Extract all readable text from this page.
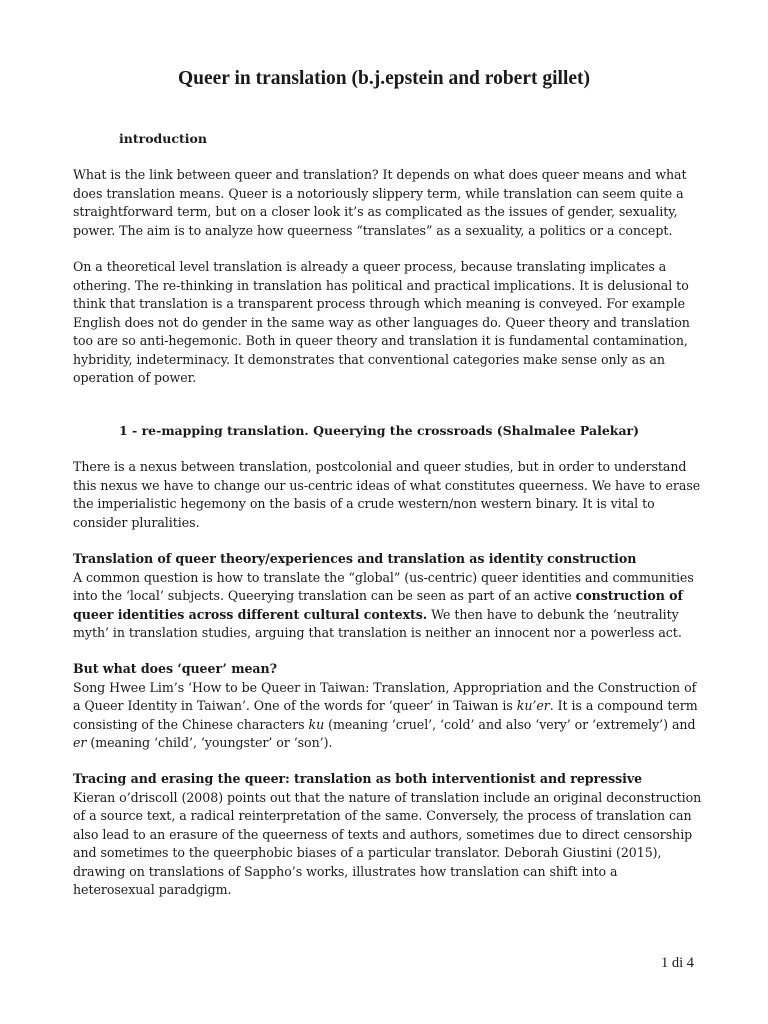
Queer in translation (b.j.epstein and robert gillet)
introduction

What is the link between queer and translation? It depends on what does queer means and what does translation means. Queer is a notoriously slippery term, while translation can seem quite a straightforward term, but on a closer look it’s as complicated as the issues of gender, sexuality, power. The aim is to analyze how queerness “translates” as a sexuality, a politics or a concept.

On a theoretical level translation is already a queer process, because translating implicates a othering. The re-thinking in translation has political and practical implications. It is delusional to think that translation is a transparent process through which meaning is conveyed. For example English does not do gender in the same way as other languages do. Queer theory and translation too are so anti-hegemonic. Both in queer theory and translation it is fundamental contamination, hybridity, indeterminacy. It demonstrates that conventional categories make sense only as an operation of power.

1 - re-mapping translation. Queerying the crossroads (Shalmalee Palekar)

There is a nexus between translation, postcolonial and queer studies, but in order to understand this nexus we have to change our us-centric ideas of what constitutes queerness. We have to erase the imperialistic hegemony on the basis of a crude western/non western binary. It is vital to consider pluralities.

Translation of queer theory/experiences and translation as identity construction
A common question is how to translate the “global” (us-centric) queer identities and communities into the ‘local’ subjects. Queerying translation can be seen as part of an active construction of queer identities across different cultural contexts. We then have to debunk the ‘neutrality myth’ in translation studies, arguing that translation is neither an innocent nor a powerless act.

But what does ‘queer’ mean?
Song Hwee Lim’s ‘How to be Queer in Taiwan: Translation, Appropriation and the Construction of a Queer Identity in Taiwan’. One of the words for ‘queer’ in Taiwan is ku’er. It is a compound term consisting of the Chinese characters ku (meaning ‘cruel’, ‘cold’ and also ‘very’ or ‘extremely’) and er (meaning ‘child’, ‘youngster’ or ‘son’).

Tracing and erasing the queer: translation as both interventionist and repressive
Kieran o’driscoll (2008) points out that the nature of translation include an original deconstruction of a source text, a radical reinterpretation of the same. Conversely, the process of translation can also lead to an erasure of the queerness of texts and authors, sometimes due to direct censorship and sometimes to the queerphobic biases of a particular translator. Deborah Giustini (2015), drawing on translations of Sappho’s works, illustrates how translation can shift into a heterosexual paradgigm.

1 di 4
